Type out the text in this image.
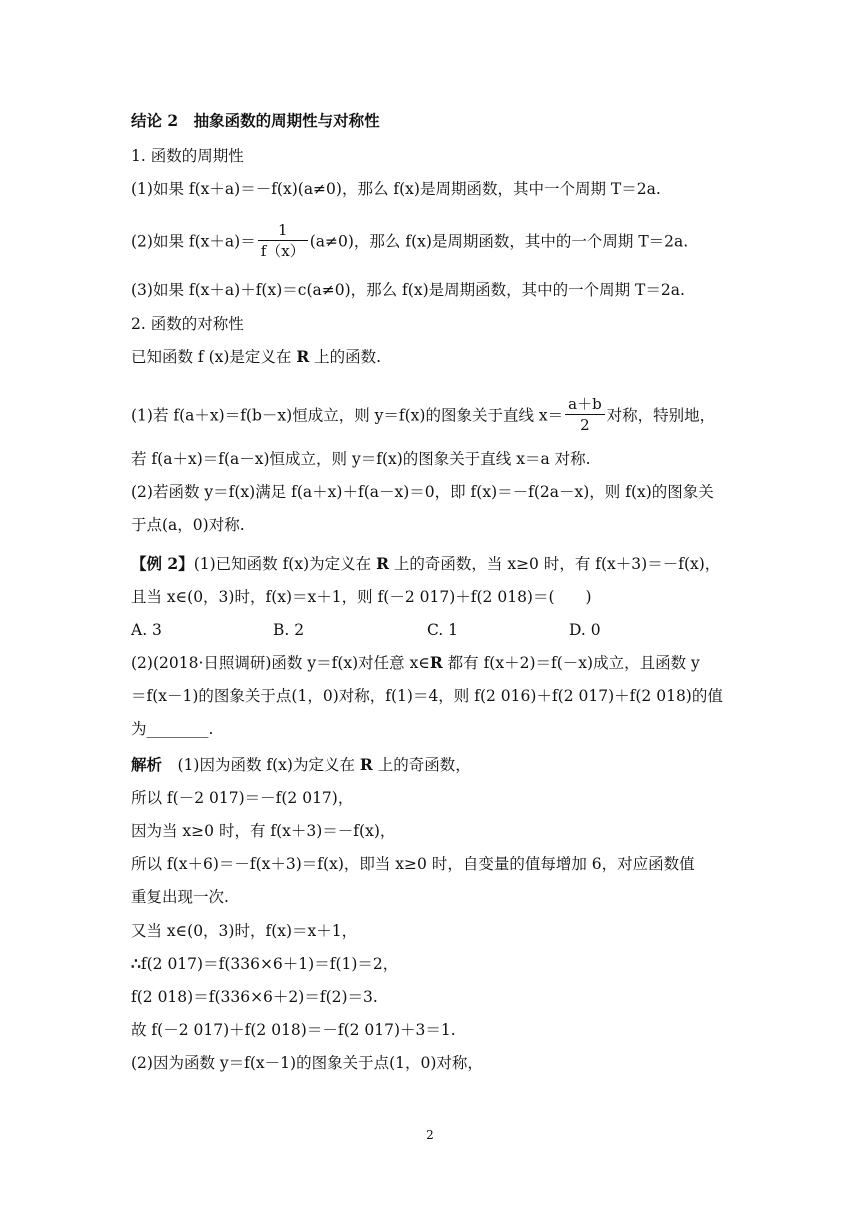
结论 2　抽象函数的周期性与对称性
1. 函数的周期性
(1)如果 f(x＋a)＝－f(x)(a≠0)，那么 f(x)是周期函数，其中一个周期 T＝2a.
(2)如果 $f(x+a)= \frac{1}{f(x)} (a\ne 0)$，那么 f(x)是周期函数，其中的一个周期 T＝2a.
(3)如果 f(x＋a)＋f(x)＝c(a≠0)，那么 f(x)是周期函数，其中的一个周期 T＝2a.
2. 函数的对称性
已知函数 f (x)是定义在 R 上的函数.
(1)若 f(a＋x)＝f(b－x)恒成立，则 y＝f(x)的图象关于直线 $x= \frac{a+b}{2}$ 对称，特别地，
若 f(a＋x)＝f(a－x)恒成立，则 y＝f(x)的图象关于直线 x＝a 对称.
(2)若函数 y＝f(x)满足 f(a＋x)＋f(a－x)＝0，即 f(x)＝－f(2a－x)，则 f(x)的图象关
于点(a，0)对称.
【例 2】(1)已知函数 f(x)为定义在 R 上的奇函数，当 x≥0 时，有 f(x＋3)＝－f(x)，
且当 x∈(0，3)时，f(x)＝x＋1，则 f(－2 017)＋f(2 018)＝(　　)
A. 3	B. 2	C. 1	D. 0
(2)(2018·日照调研)函数 y＝f(x)对任意 x∈R 都有 f(x＋2)＝f(－x)成立，且函数 y
＝f(x－1)的图象关于点(1，0)对称，f(1)＝4，则 f(2 016)＋f(2 017)＋f(2 018)的值
为________.
解析　(1)因为函数 f(x)为定义在 R 上的奇函数，
所以 f(－2 017)＝－f(2 017)，
因为当 x≥0 时，有 f(x＋3)＝－f(x)，
所以 f(x＋6)＝－f(x＋3)＝f(x)，即当 x≥0 时，自变量的值每增加 6，对应函数值
重复出现一次.
又当 x∈(0，3)时，f(x)＝x＋1，
∴f(2 017)＝f(336×6＋1)＝f(1)＝2，
f(2 018)＝f(336×6＋2)＝f(2)＝3.
故 f(－2 017)＋f(2 018)＝－f(2 017)＋3＝1.
(2)因为函数 y＝f(x－1)的图象关于点(1，0)对称，
2
